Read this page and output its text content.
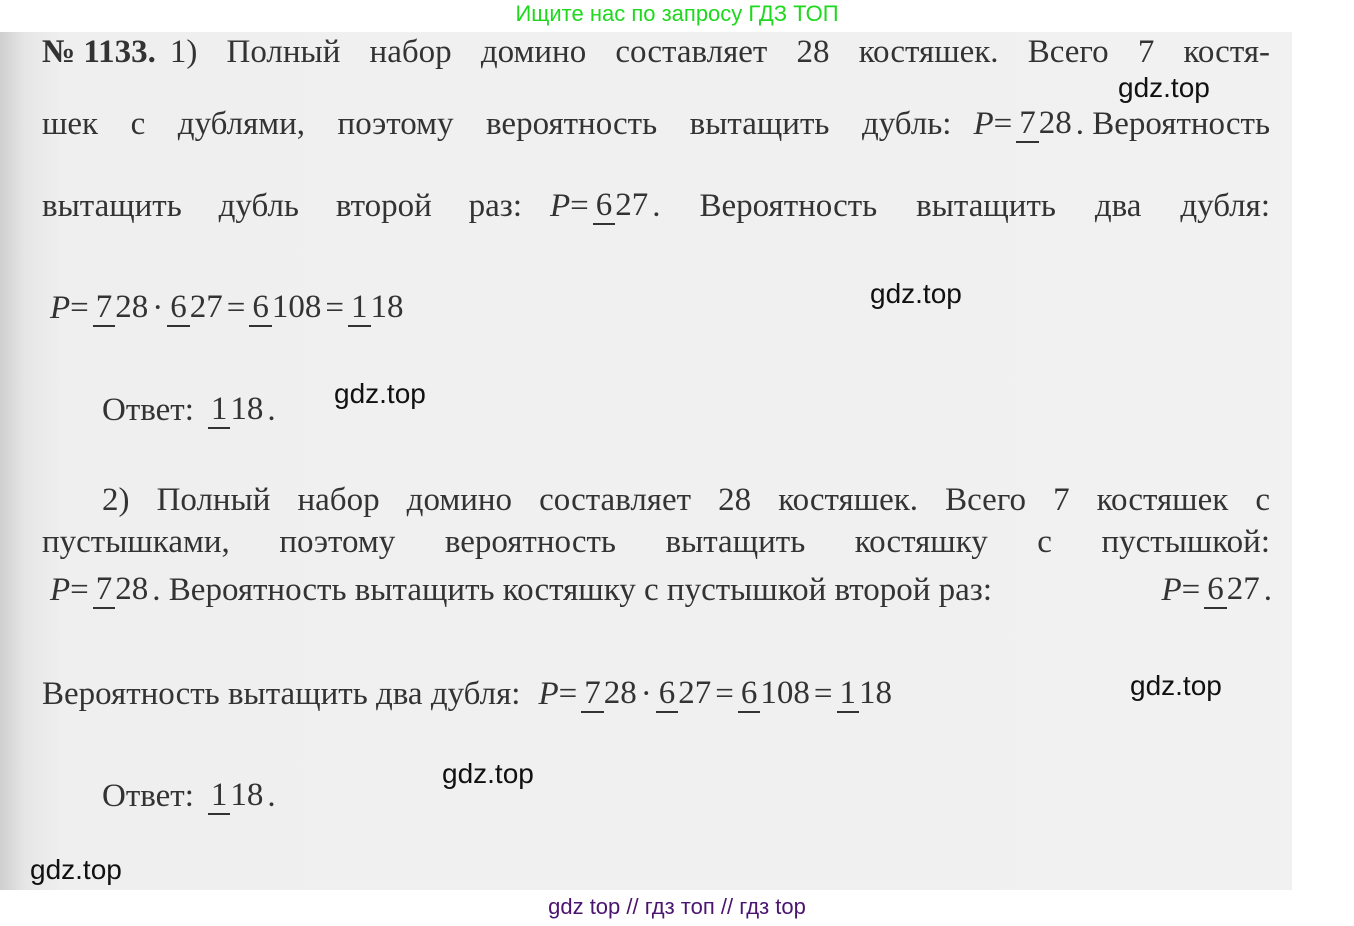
Ищите нас по запросу ГДЗ ТОП
№ 1133. 1) Полный набор домино составляет 28 костяшек. Всего 7 костя-
шек с дублями, поэтому вероятность вытащить дубль: P = 728 . Вероятность
вытащить дубль второй раз: P = 627 . Вероятность вытащить два дубля:
P = 728 · 627 = 6108 = 118
Ответ: 118 .
2) Полный набор домино составляет 28 костяшек. Всего 7 костяшек с
пустышками, поэтому вероятность вытащить костяшку с пустышкой:
P = 728 . Вероятность вытащить костяшку с пустышкой второй раз:	P = 627 .
Вероятность вытащить два дубля: P = 728 · 627 = 6108 = 118
Ответ: 118 .
gdz.top
gdz.top
gdz.top
gdz.top
gdz.top
gdz.top
gdz top // гдз топ // гдз top
